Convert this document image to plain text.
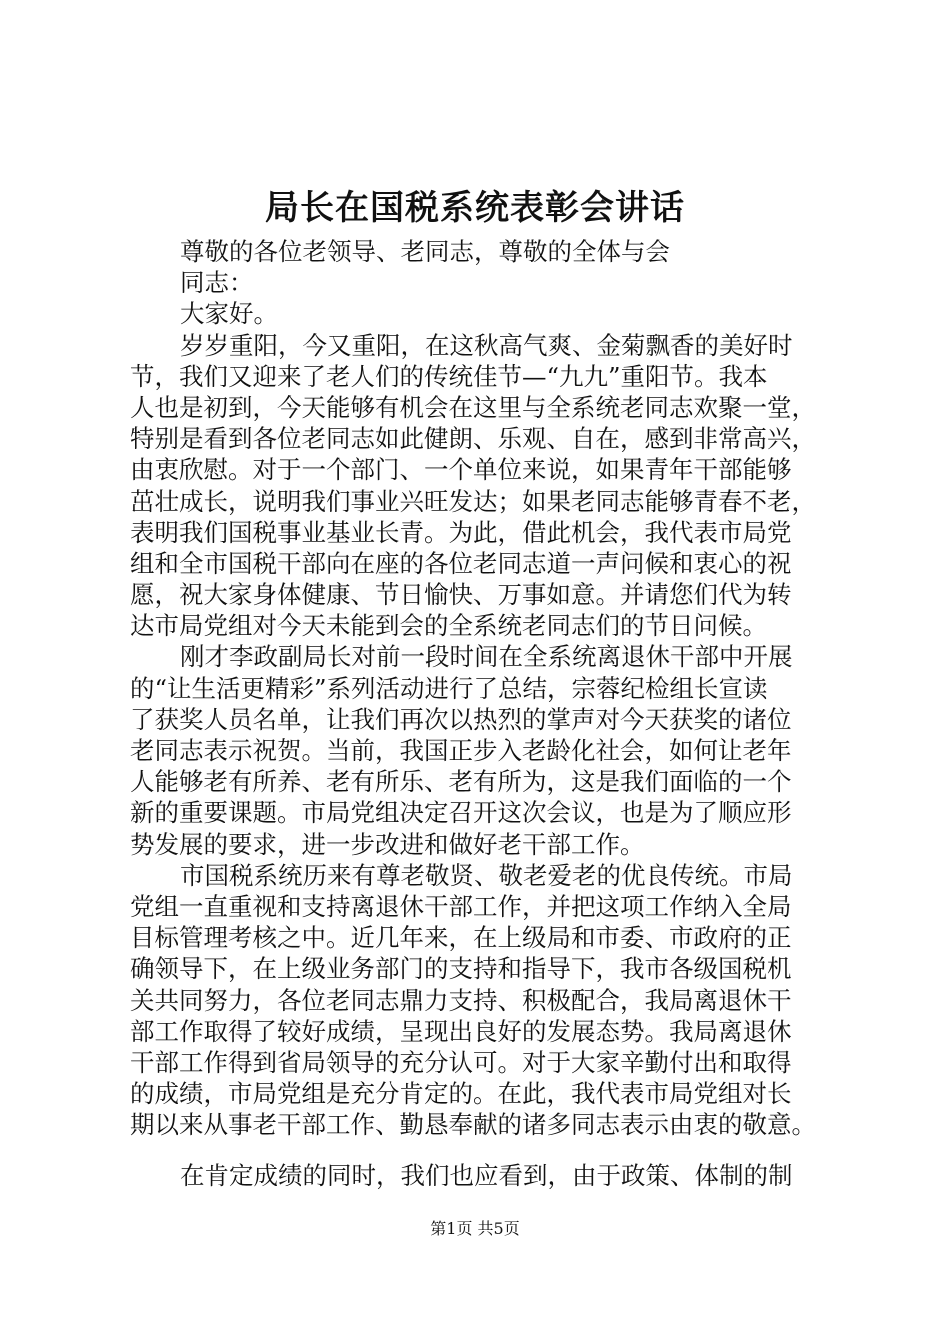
局长在国税系统表彰会讲话
尊敬的各位老领导、老同志，尊敬的全体与会
同志：
大家好。
岁岁重阳，今又重阳，在这秋高气爽、金菊飘香的美好时
节，我们又迎来了老人们的传统佳节—“九九”重阳节。我本
人也是初到，今天能够有机会在这里与全系统老同志欢聚一堂，
特别是看到各位老同志如此健朗、乐观、自在，感到非常高兴，
由衷欣慰。对于一个部门、一个单位来说，如果青年干部能够
茁壮成长，说明我们事业兴旺发达；如果老同志能够青春不老，
表明我们国税事业基业长青。为此，借此机会，我代表市局党
组和全市国税干部向在座的各位老同志道一声问候和衷心的祝
愿，祝大家身体健康、节日愉快、万事如意。并请您们代为转
达市局党组对今天未能到会的全系统老同志们的节日问候。
刚才李政副局长对前一段时间在全系统离退休干部中开展
的“让生活更精彩”系列活动进行了总结，宗蓉纪检组长宣读
了获奖人员名单，让我们再次以热烈的掌声对今天获奖的诸位
老同志表示祝贺。当前，我国正步入老龄化社会，如何让老年
人能够老有所养、老有所乐、老有所为，这是我们面临的一个
新的重要课题。市局党组决定召开这次会议，也是为了顺应形
势发展的要求，进一步改进和做好老干部工作。
市国税系统历来有尊老敬贤、敬老爱老的优良传统。市局
党组一直重视和支持离退休干部工作，并把这项工作纳入全局
目标管理考核之中。近几年来，在上级局和市委、市政府的正
确领导下，在上级业务部门的支持和指导下，我市各级国税机
关共同努力，各位老同志鼎力支持、积极配合，我局离退休干
部工作取得了较好成绩，呈现出良好的发展态势。我局离退休
干部工作得到省局领导的充分认可。对于大家辛勤付出和取得
的成绩，市局党组是充分肯定的。在此，我代表市局党组对长
期以来从事老干部工作、勤恳奉献的诸多同志表示由衷的敬意。
在肯定成绩的同时，我们也应看到，由于政策、体制的制
第1页 共5页
